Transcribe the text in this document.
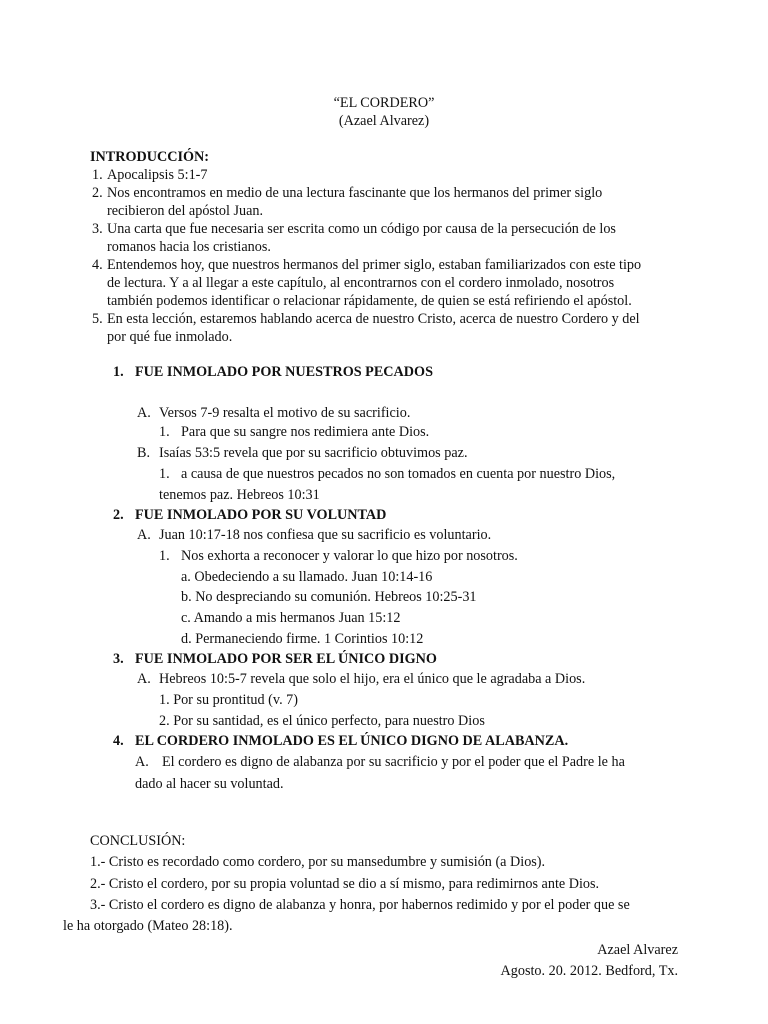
“EL CORDERO”
(Azael Alvarez)
INTRODUCCIÓN:
1. Apocalipsis 5:1-7
2. Nos encontramos en medio de una lectura fascinante que los hermanos del primer siglo
recibieron del apóstol Juan.
3. Una carta que fue necesaria ser escrita como un código por causa de la persecución de los
romanos hacia los cristianos.
4. Entendemos hoy, que nuestros hermanos del primer siglo, estaban familiarizados con este tipo
de lectura. Y a al llegar a este capítulo, al encontrarnos con el cordero inmolado, nosotros
también podemos identificar o relacionar rápidamente, de quien se está refiriendo el apóstol.
5. En esta lección, estaremos hablando acerca de nuestro Cristo, acerca de nuestro Cordero y del
por qué fue inmolado.
1. FUE INMOLADO POR NUESTROS PECADOS
A. Versos 7-9 resalta el motivo de su sacrificio.
1. Para que su sangre nos redimiera ante Dios.
B. Isaías 53:5 revela que por su sacrificio obtuvimos paz.
1. a causa de que nuestros pecados no son tomados en cuenta por nuestro Dios,
tenemos paz. Hebreos 10:31
2. FUE INMOLADO POR SU VOLUNTAD
A. Juan 10:17-18 nos confiesa que su sacrificio es voluntario.
1. Nos exhorta a reconocer y valorar lo que hizo por nosotros.
a. Obedeciendo a su llamado. Juan 10:14-16
b. No despreciando su comunión. Hebreos 10:25-31
c. Amando a mis hermanos Juan 15:12
d. Permaneciendo firme. 1 Corintios 10:12
3. FUE INMOLADO POR SER EL ÚNICO DIGNO
A. Hebreos 10:5-7 revela que solo el hijo, era el único que le agradaba a Dios.
1. Por su prontitud (v. 7)
2. Por su santidad, es el único perfecto, para nuestro Dios
4. EL CORDERO INMOLADO ES EL ÚNICO DIGNO DE ALABANZA.
A. El cordero es digno de alabanza por su sacrificio y por el poder que el Padre le ha
dado al hacer su voluntad.
CONCLUSIÓN:
1.- Cristo es recordado como cordero, por su mansedumbre y sumisión (a Dios).
2.- Cristo el cordero, por su propia voluntad se dio a sí mismo, para redimirnos ante Dios.
3.- Cristo el cordero es digno de alabanza y honra, por habernos redimido y por el poder que se
le ha otorgado (Mateo 28:18).
Azael Alvarez
Agosto. 20. 2012. Bedford, Tx.
